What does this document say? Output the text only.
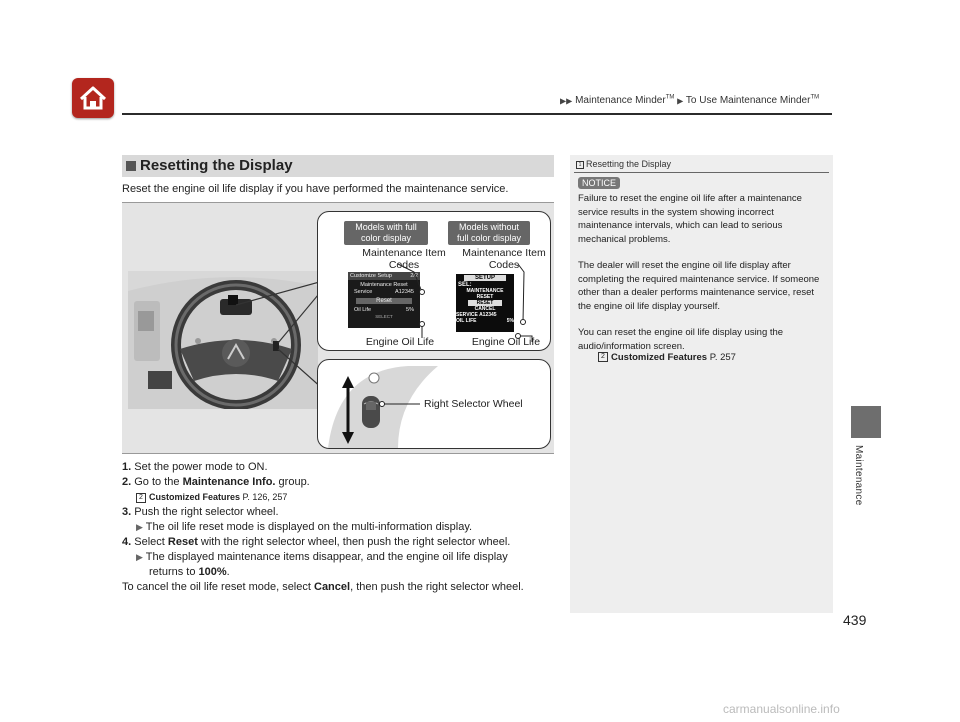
▶▶ Maintenance Minder™ ▶ To Use Maintenance Minder™
Maintenance
Resetting the Display
Reset the engine oil life display if you have performed the maintenance service.
Models with full color display
Models without full color display
Maintenance Item Codes
Maintenance Item Codes
Customize Setup	2/2
Maintenance Reset
Service	A12345
Reset
Oil Life	5%
SELECT
SETUP
SEL:
MAINTENANCE
RESET
RESET
CANCEL
SERVICE A12345
OIL LIFE	5%
Engine Oil Life	Engine Oil Life
Right Selector Wheel
1. Set the power mode to ON.
2. Go to the Maintenance Info. group.
2 Customized Features P. 126, 257
3. Push the right selector wheel.
▶ The oil life reset mode is displayed on the multi-information display.
4. Select Reset with the right selector wheel, then push the right selector wheel.
▶ The displayed maintenance items disappear, and the engine oil life display
returns to 100%.
To cancel the oil life reset mode, select Cancel, then push the right selector wheel.
1 Resetting the Display
NOTICE
Failure to reset the engine oil life after a maintenance service results in the system showing incorrect maintenance intervals, which can lead to serious mechanical problems.
The dealer will reset the engine oil life display after completing the required maintenance service. If someone other than a dealer performs maintenance service, reset the engine oil life display yourself.
You can reset the engine oil life display using the audio/information screen.
2 Customized Features P. 257
439
carmanualsonline.info
